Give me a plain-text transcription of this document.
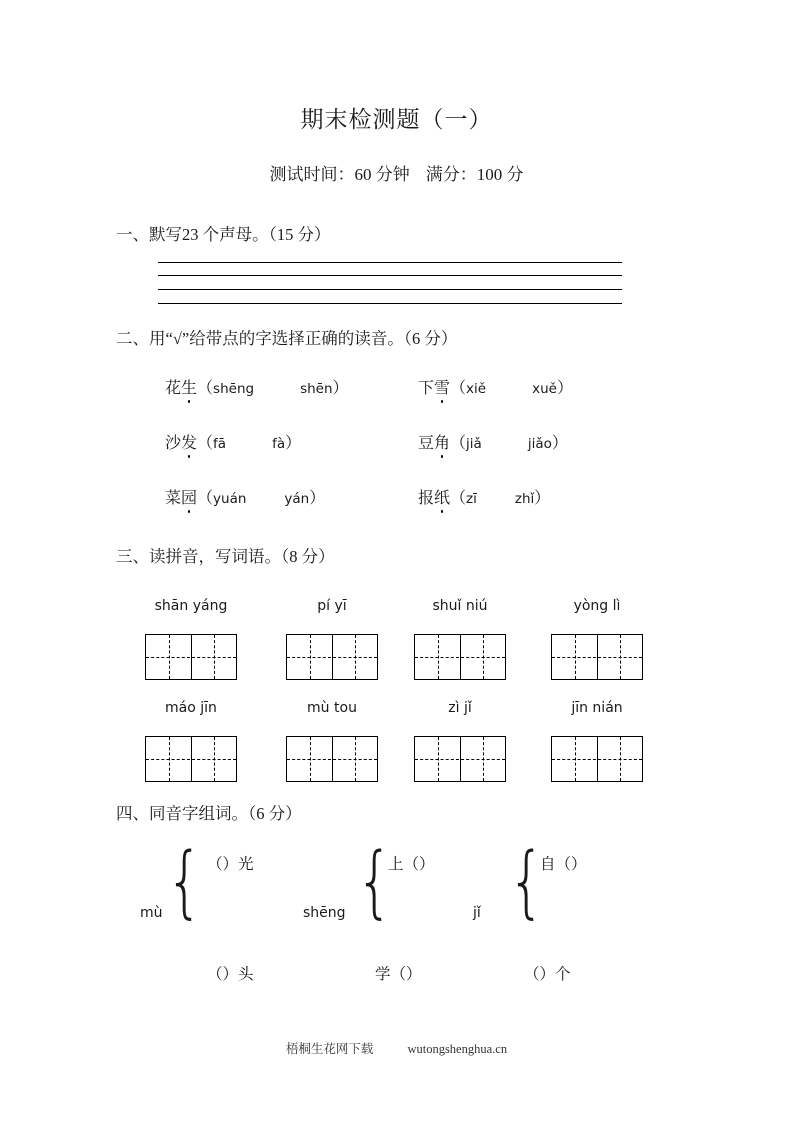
期末检测题（一）
测试时间：60 分钟 满分：100 分
一、默写23 个声母。（15 分）
二、用“√”给带点的字选择正确的读音。（6 分）
花生（shēng	shēn）	下雪（xiě	xuě）
沙发（fā	fà）	豆角（jiǎ	jiǎo）
菜园（yuán	yán）	报纸（zī	zhǐ）
三、读拼音，写词语。（8 分）
shān yáng	pí yī	shuǐ niú	yòng lì
máo jīn	mù tou	zì jǐ	jīn nián
四、同音字组词。（6 分）
{
mù
（）光
（）头
{
shēng
上（）
学（）
{
jǐ
自（）
（）个
梧桐生花网下载	wutongshenghua.cn
